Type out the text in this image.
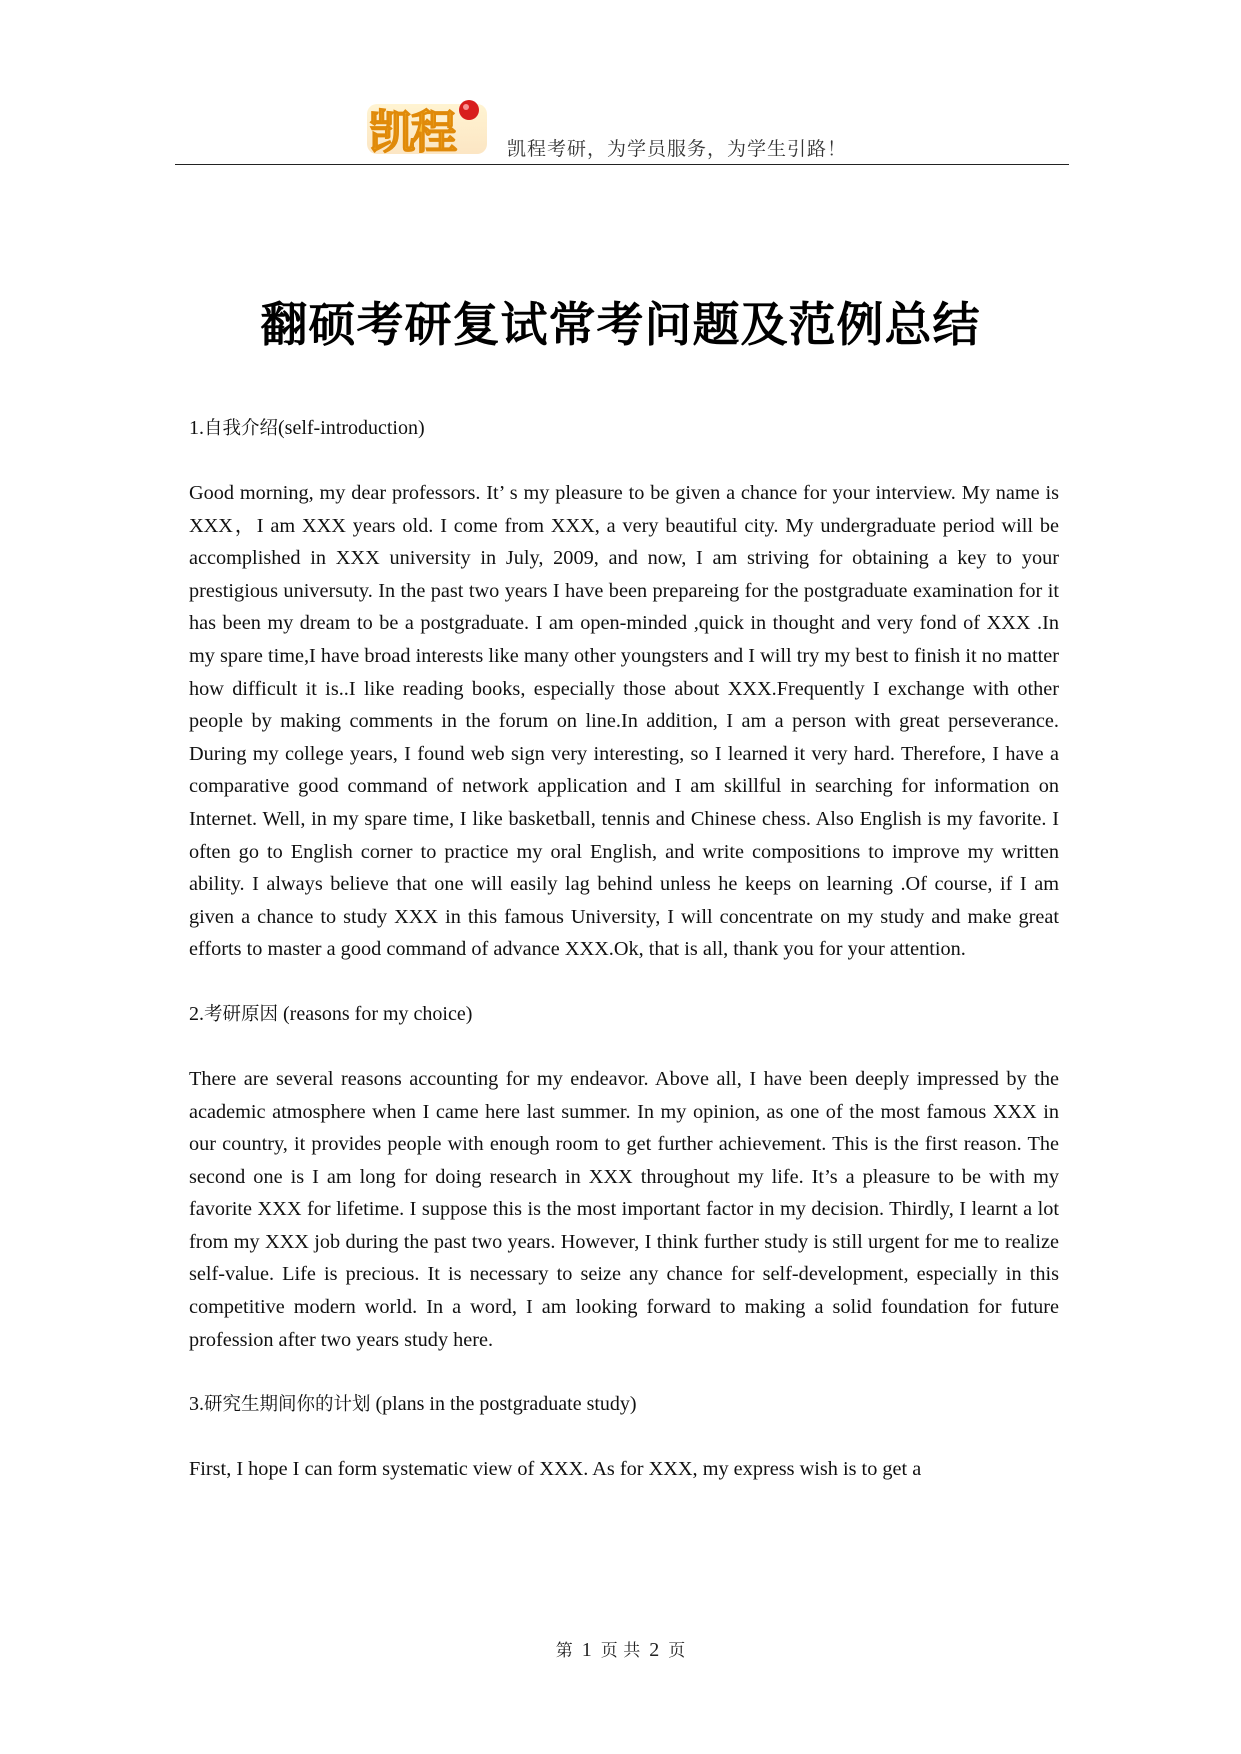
凯程	凯程考研，为学员服务，为学生引路！
翻硕考研复试常考问题及范例总结
1.自我介绍(self-introduction)
Good morning, my dear professors. It’ s my pleasure to be given a chance for your interview. My name is XXX，I am XXX years old. I come from XXX, a very beautiful city. My undergraduate period will be accomplished in XXX university in July, 2009, and now, I am striving for obtaining a key to your prestigious universuty. In the past two years I have been prepareing for the postgraduate examination for it has been my dream to be a postgraduate. I am open-minded ,quick in thought and very fond of XXX .In my spare time,I have broad interests like many other youngsters and I will try my best to finish it no matter how difficult it is..I like reading books, especially those about XXX.Frequently I exchange with other people by making comments in the forum on line.In addition, I am a person with great perseverance. During my college years, I found web sign very interesting, so I learned it very hard. Therefore, I have a comparative good command of network application and I am skillful in searching for information on Internet. Well, in my spare time, I like basketball, tennis and Chinese chess. Also English is my favorite. I often go to English corner to practice my oral English, and write compositions to improve my written ability. I always believe that one will easily lag behind unless he keeps on learning .Of course, if I am given a chance to study XXX in this famous University, I will concentrate on my study and make great efforts to master a good command of advance XXX.Ok, that is all, thank you for your attention.
2.考研原因 (reasons for my choice)
There are several reasons accounting for my endeavor. Above all, I have been deeply impressed by the academic atmosphere when I came here last summer. In my opinion, as one of the most famous XXX in our country, it provides people with enough room to get further achievement. This is the first reason. The second one is I am long for doing research in XXX throughout my life. It’s a pleasure to be with my favorite XXX for lifetime. I suppose this is the most important factor in my decision. Thirdly, I learnt a lot from my XXX job during the past two years. However, I think further study is still urgent for me to realize self-value. Life is precious. It is necessary to seize any chance for self-development, especially in this competitive modern world. In a word, I am looking forward to making a solid foundation for future profession after two years study here.
3.研究生期间你的计划 (plans in the postgraduate study)
First, I hope I can form systematic view of XXX. As for XXX, my express wish is to get a
第 1 页 共 2 页
